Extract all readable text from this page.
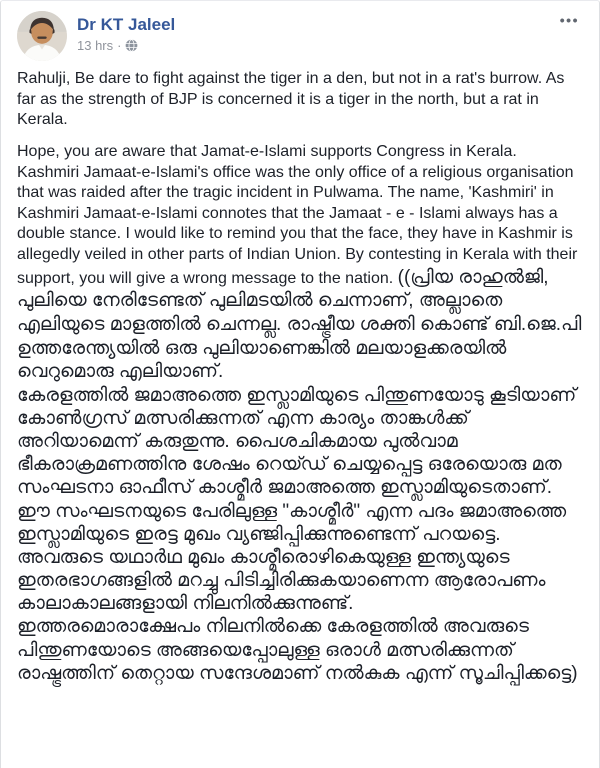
Dr KT Jaleel
13 hrs ·
•••

Rahulji, Be dare to fight against the tiger in a den, but not in a rat's burrow. As far as the strength of BJP is concerned it is a tiger in the north, but a rat in Kerala.

Hope, you are aware that Jamat-e-Islami supports Congress in Kerala. Kashmiri Jamaat-e-Islami's office was the only office of a religious organisation that was raided after the tragic incident in Pulwama. The name, 'Kashmiri' in Kashmiri Jamaat-e-Islami connotes that the Jamaat - e - Islami always has a double stance. I would like to remind you that the face, they have in Kashmir is allegedly veiled in other parts of Indian Union. By contesting in Kerala with their support, you will give a wrong message to the nation. ((പ്രിയ രാഹുൽജി, പുലിയെ നേരിടേണ്ടത് പുലിമടയിൽ ചെന്നാണ്, അല്ലാതെ എലിയുടെ മാളത്തിൽ ചെന്നല്ല. രാഷ്ട്രീയ ശക്തി കൊണ്ട് ബി.ജെ.പി ഉത്തരേന്ത്യയിൽ ഒരു പുലിയാണെങ്കിൽ മലയാളക്കരയിൽ വെറുമൊരു എലിയാണ്.
കേരളത്തിൽ ജമാഅത്തെ ഇസ്ലാമിയുടെ പിന്തുണയോടു കൂടിയാണ് കോൺഗ്രസ് മത്സരിക്കുന്നത് എന്ന കാര്യം താങ്കൾക്ക് അറിയാമെന്ന് കരുതുന്നു. പൈശചികമായ പുൽവാമ ഭീകരാക്രമണത്തിനു ശേഷം റെയ്ഡ് ചെയ്യപ്പെട്ട ഒരേയൊരു മത സംഘടനാ ഓഫീസ് കാശ്മീർ ജമാഅത്തെ ഇസ്ലാമിയുടെതാണ്. ഈ സംഘടനയുടെ പേരിലുള്ള "കാശ്മീർ" എന്ന പദം ജമാഅത്തെ ഇസ്ലാമിയുടെ ഇരട്ട മുഖം വ്യഞ്ജിപ്പിക്കുന്നുണ്ടെന്ന് പറയട്ടെ. അവരുടെ യഥാർഥ മുഖം കാശ്മീരൊഴികെയുള്ള ഇന്ത്യയുടെ ഇതരഭാഗങ്ങളിൽ മറച്ചു പിടിച്ചിരിക്കുകയാണെന്ന ആരോപണം കാലാകാലങ്ങളായി നിലനിൽക്കുന്നുണ്ട്.
ഇത്തരമൊരാക്ഷേപം നിലനിൽക്കെ കേരളത്തിൽ അവരുടെ പിന്തുണയോടെ അങ്ങയെപ്പോലുള്ള ഒരാൾ മത്സരിക്കുന്നത് രാഷ്ട്രത്തിന് തെറ്റായ സന്ദേശമാണ് നൽകുക എന്ന് സൂചിപ്പിക്കട്ടെ)
